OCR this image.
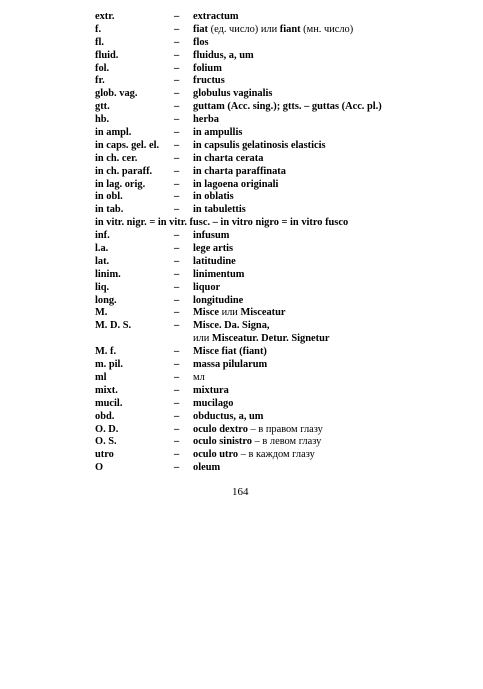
extr.	– extractum
f.	– fiat (ед. число) или fiant (мн. число)
fl.	– flos
fluid.	– fluidus, a, um
fol.	– folium
fr.	– fructus
glob. vag.	– globulus vaginalis
gtt.	– guttam (Acc. sing.); gtts. – guttas (Acc. pl.)
hb.	– herba
in ampl.	– in ampullis
in caps. gel. el. – in capsulis gelatinosis elasticis
in ch. cer.	– in charta cerata
in ch. paraff. – in charta paraffinata
in lag. orig.	– in lagoena originali
in obl.	– in oblatis
in tab.	– in tabulettis
in vitr. nigr. = in vitr. fusc. – in vitro nigro = in vitro fusco
inf.	– infusum
l.a.	– lege artis
lat.	– latitudine
linim.	– linimentum
liq.	– liquor
long.	– longitudine
M.	– Misce или Misceatur
M. D. S.	– Misce. Da. Signa,
или Misceatur. Detur. Signetur
M. f.	– Misce fiat (fiant)
m. pil.	– massa pilularum
ml	– мл
mixt.	– mixtura
mucil.	– mucilago
obd.	– obductus, a, um
O. D.	– oculo dextro – в правом глазу
O. S.	– oculo sinistro – в левом глазу
utro	– oculo utro – в каждом глазу
O	– oleum
164
